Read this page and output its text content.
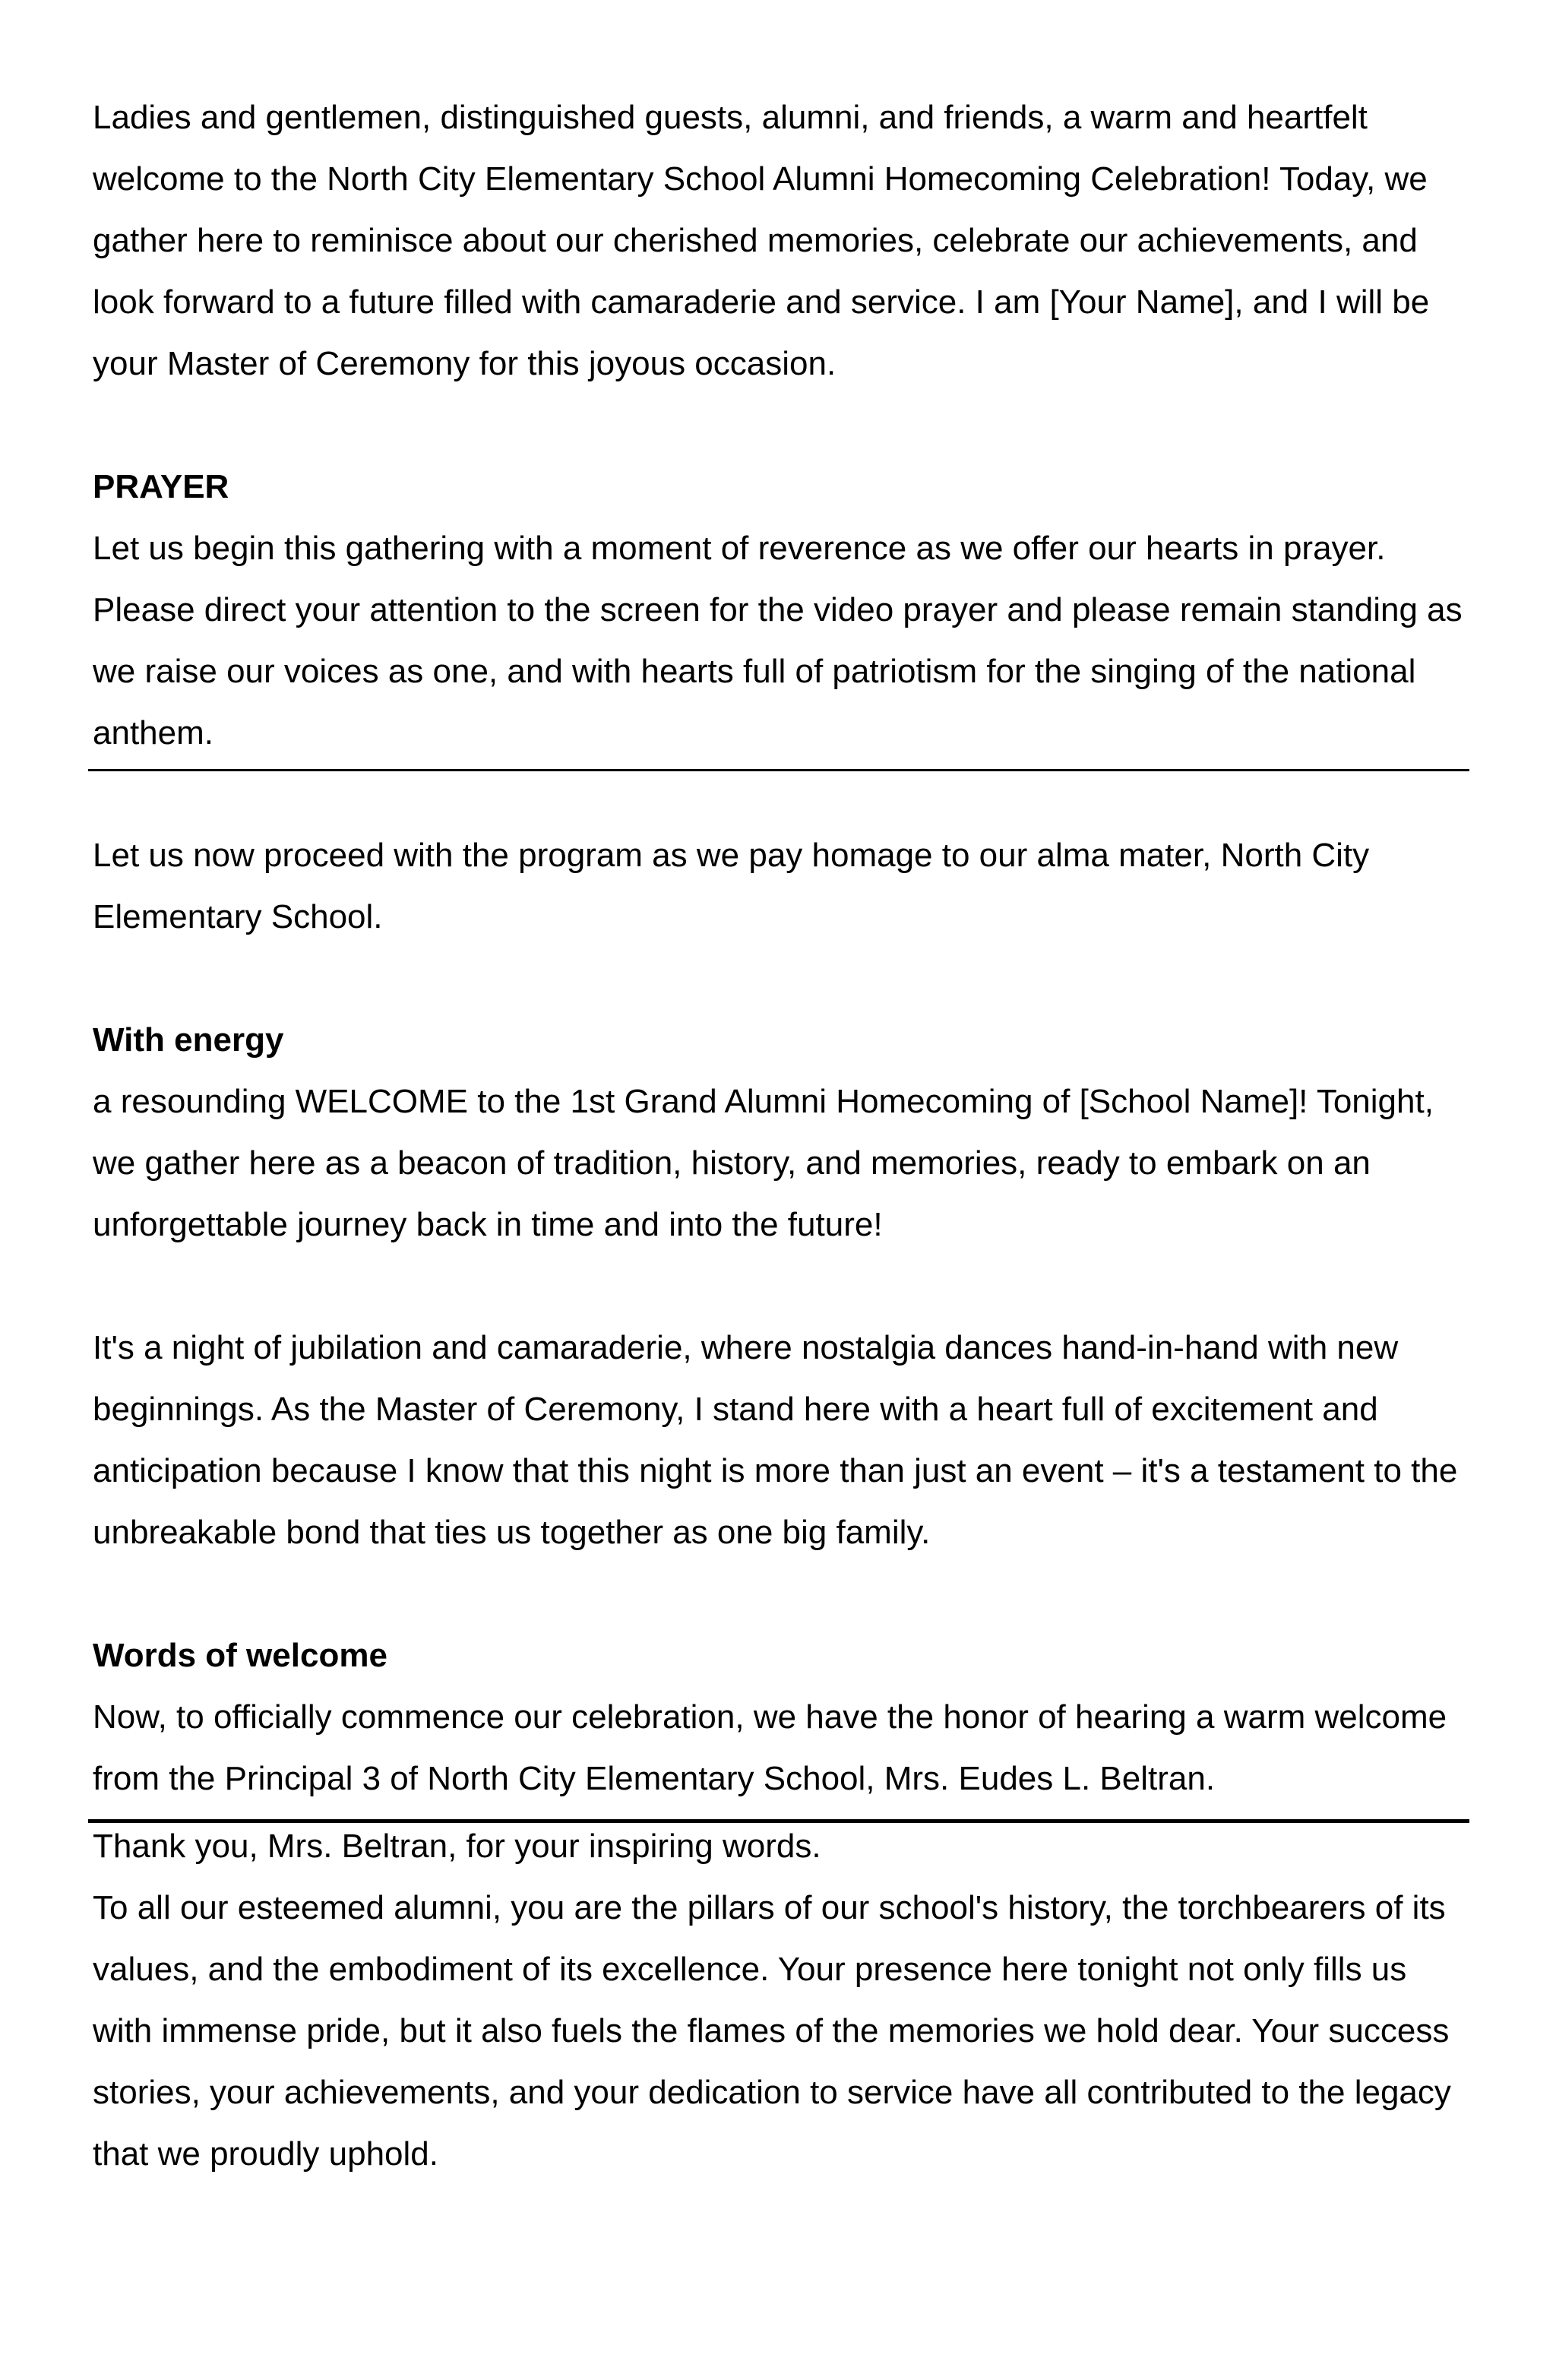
Ladies and gentlemen, distinguished guests, alumni, and friends, a warm and heartfelt welcome to the North City Elementary School Alumni Homecoming Celebration! Today, we gather here to reminisce about our cherished memories, celebrate our achievements, and look forward to a future filled with camaraderie and service. I am [Your Name], and I will be your Master of Ceremony for this joyous occasion.

PRAYER

Let us begin this gathering with a moment of reverence as we offer our hearts in prayer. Please direct your attention to the screen for the video prayer and please remain standing as we raise our voices as one, and with hearts full of patriotism for the singing of the national anthem.

Let us now proceed with the program as we pay homage to our alma mater, North City Elementary School.

With energy

a resounding WELCOME to the 1st Grand Alumni Homecoming of [School Name]! Tonight, we gather here as a beacon of tradition, history, and memories, ready to embark on an unforgettable journey back in time and into the future!

It's a night of jubilation and camaraderie, where nostalgia dances hand-in-hand with new beginnings. As the Master of Ceremony, I stand here with a heart full of excitement and anticipation because I know that this night is more than just an event – it's a testament to the unbreakable bond that ties us together as one big family.

Words of welcome

Now, to officially commence our celebration, we have the honor of hearing a warm welcome from the Principal 3 of North City Elementary School, Mrs. Eudes L. Beltran.

Thank you, Mrs. Beltran, for your inspiring words.

To all our esteemed alumni, you are the pillars of our school's history, the torchbearers of its values, and the embodiment of its excellence. Your presence here tonight not only fills us with immense pride, but it also fuels the flames of the memories we hold dear. Your success stories, your achievements, and your dedication to service have all contributed to the legacy that we proudly uphold.
